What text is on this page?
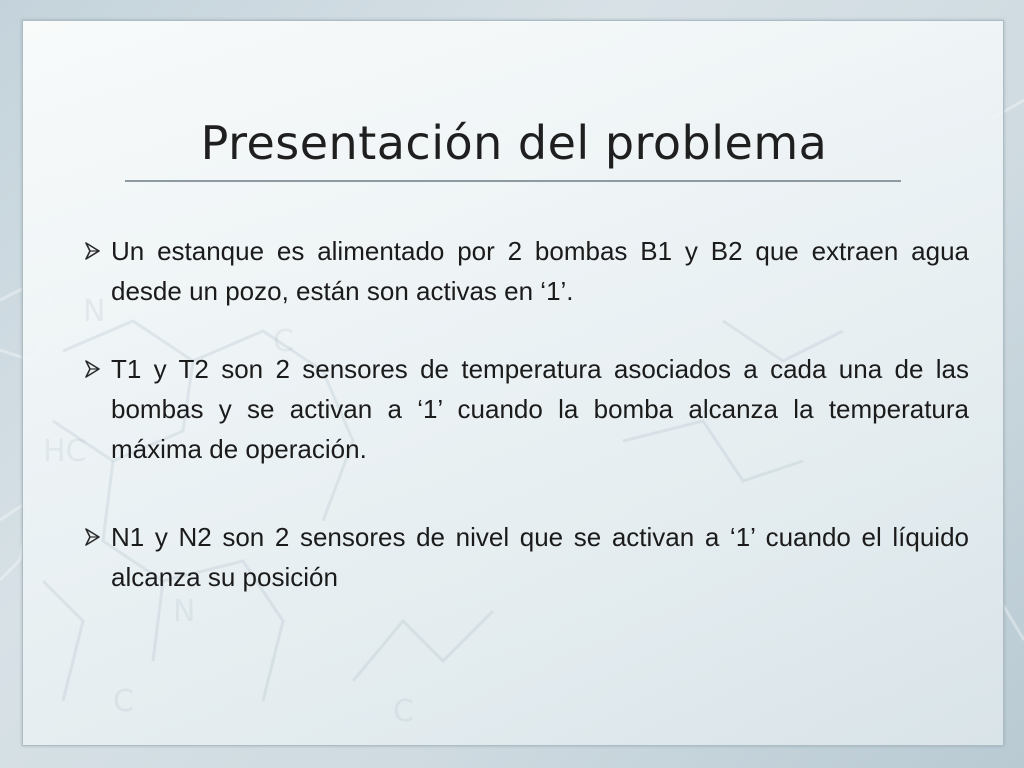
N
HC
N
C
C
C
Presentación del problema
Un estanque es alimentado por 2 bombas B1 y B2 que extraen agua desde un pozo, están son activas en ‘1’.
T1 y T2 son 2 sensores de temperatura asociados a cada una de las bombas y se activan a ‘1’ cuando la bomba alcanza la temperatura máxima de operación.
N1 y N2 son 2 sensores de nivel que se activan a ‘1’ cuando el líquido alcanza su posición
